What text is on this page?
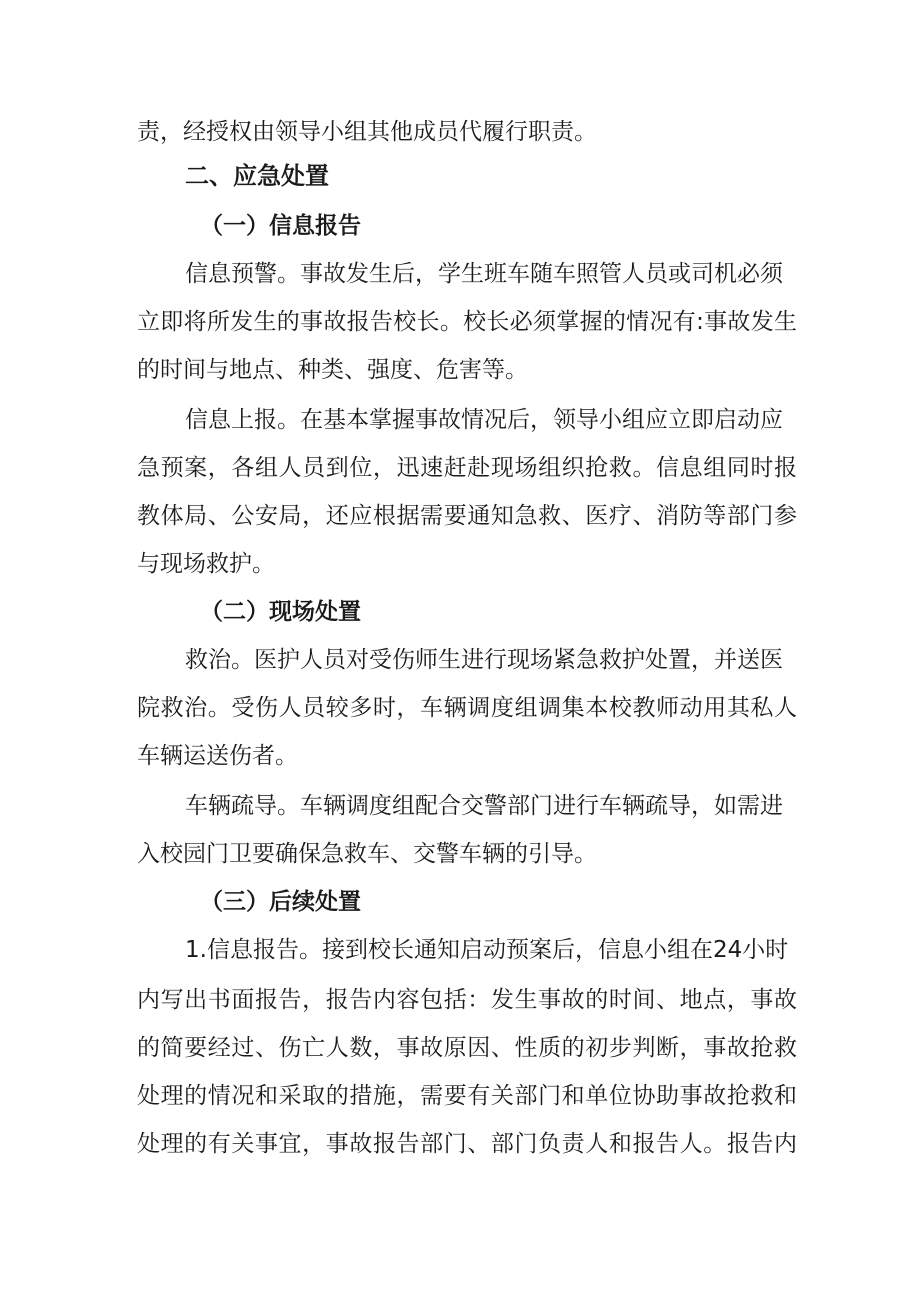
责，经授权由领导小组其他成员代履行职责。
二、应急处置
（一）信息报告
信息预警。事故发生后，学生班车随车照管人员或司机必须
立即将所发生的事故报告校长。校长必须掌握的情况有:事故发生
的时间与地点、种类、强度、危害等。
信息上报。在基本掌握事故情况后，领导小组应立即启动应
急预案，各组人员到位，迅速赶赴现场组织抢救。信息组同时报
教体局、公安局，还应根据需要通知急救、医疗、消防等部门参
与现场救护。
（二）现场处置
救治。医护人员对受伤师生进行现场紧急救护处置，并送医
院救治。受伤人员较多时，车辆调度组调集本校教师动用其私人
车辆运送伤者。
车辆疏导。车辆调度组配合交警部门进行车辆疏导，如需进
入校园门卫要确保急救车、交警车辆的引导。
（三）后续处置
1.信息报告。接到校长通知启动预案后，信息小组在24小时
内写出书面报告，报告内容包括：发生事故的时间、地点，事故
的简要经过、伤亡人数，事故原因、性质的初步判断，事故抢救
处理的情况和采取的措施，需要有关部门和单位协助事故抢救和
处理的有关事宜，事故报告部门、部门负责人和报告人。报告内
